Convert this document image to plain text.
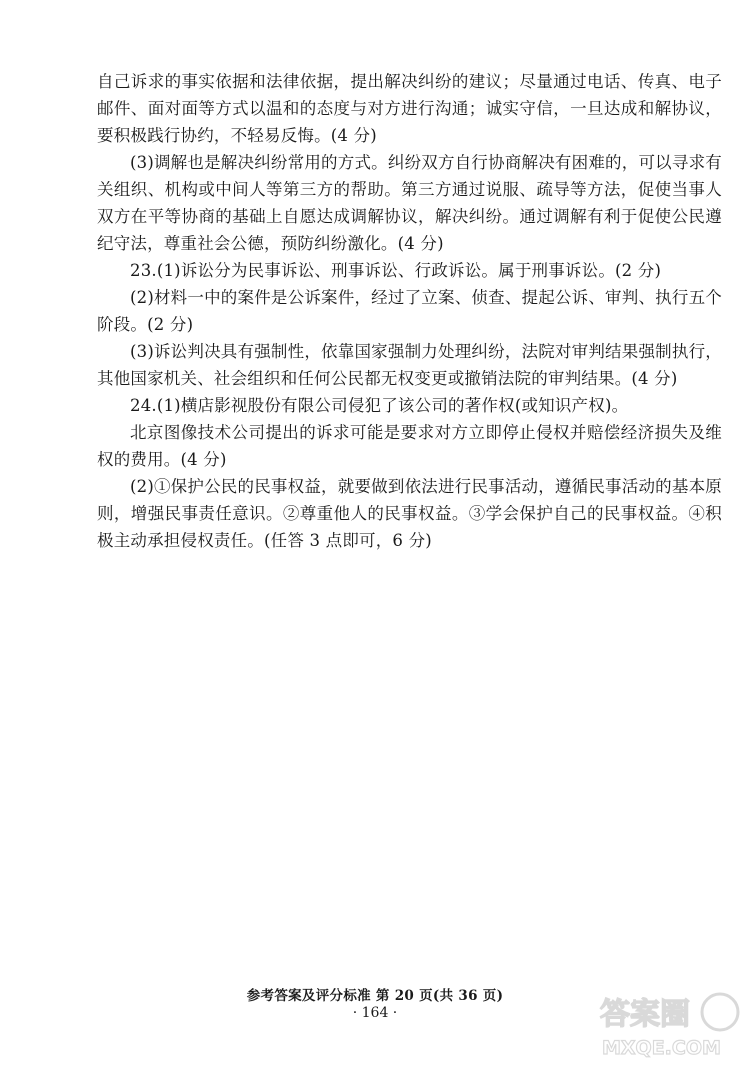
自己诉求的事实依据和法律依据，提出解决纠纷的建议；尽量通过电话、传真、电子邮件、面对面等方式以温和的态度与对方进行沟通；诚实守信，一旦达成和解协议，要积极践行协约，不轻易反悔。(4 分)

(3)调解也是解决纠纷常用的方式。纠纷双方自行协商解决有困难的，可以寻求有关组织、机构或中间人等第三方的帮助。第三方通过说服、疏导等方法，促使当事人双方在平等协商的基础上自愿达成调解协议，解决纠纷。通过调解有利于促使公民遵纪守法，尊重社会公德，预防纠纷激化。(4 分)

23.(1)诉讼分为民事诉讼、刑事诉讼、行政诉讼。属于刑事诉讼。(2 分)

(2)材料一中的案件是公诉案件，经过了立案、侦查、提起公诉、审判、执行五个阶段。(2 分)

(3)诉讼判决具有强制性，依靠国家强制力处理纠纷，法院对审判结果强制执行，其他国家机关、社会组织和任何公民都无权变更或撤销法院的审判结果。(4 分)

24.(1)横店影视股份有限公司侵犯了该公司的著作权(或知识产权)。

北京图像技术公司提出的诉求可能是要求对方立即停止侵权并赔偿经济损失及维权的费用。(4 分)

(2)①保护公民的民事权益，就要做到依法进行民事活动，遵循民事活动的基本原则，增强民事责任意识。②尊重他人的民事权益。③学会保护自己的民事权益。④积极主动承担侵权责任。(任答 3 点即可，6 分)

参考答案及评分标准 第 20 页(共 36 页)
· 164 ·	答案圈
MXQE.COM
